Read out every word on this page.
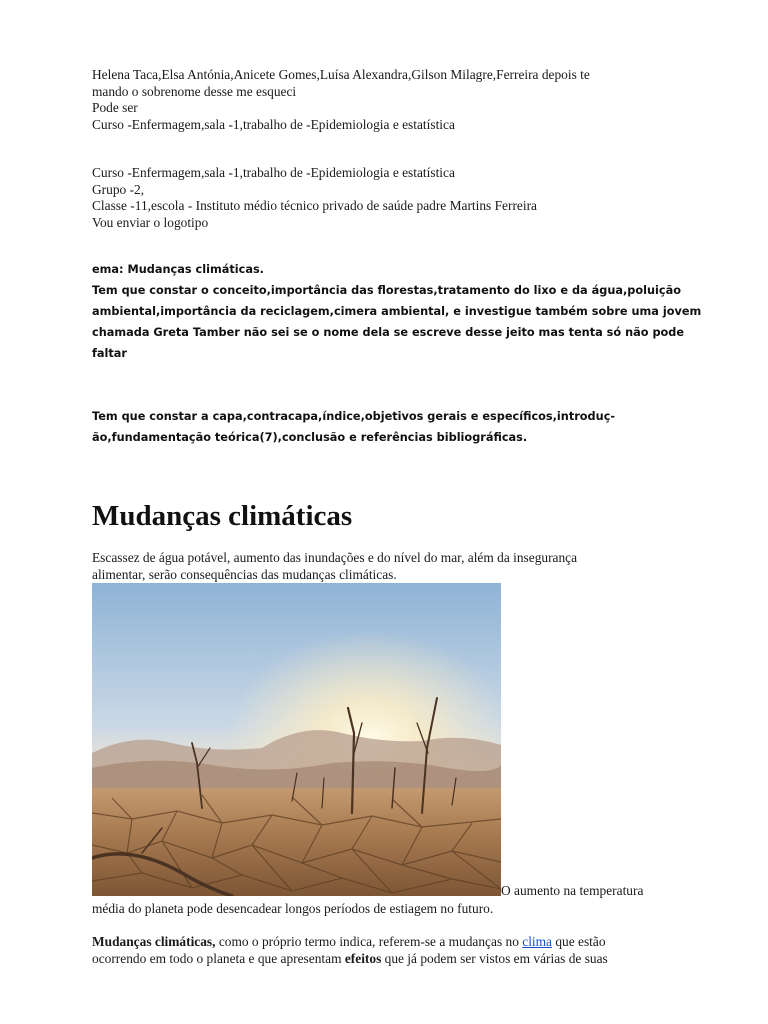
Helena Taca,Elsa Antónia,Anicete Gomes,Luísa Alexandra,Gilson Milagre,Ferreira depois te
mando o sobrenome desse me esqueci
Pode ser
Curso -Enfermagem,sala -1,trabalho de -Epidemiologia e estatística
Curso -Enfermagem,sala -1,trabalho de -Epidemiologia e estatística
Grupo -2,
Classe -11,escola - Instituto médio técnico privado de saúde padre Martins Ferreira
Vou enviar o logotipo
ema: Mudanças climáticas.
Tem que constar o conceito,importância das florestas,tratamento do lixo e da água,poluição
ambiental,importância da reciclagem,cimera ambiental, e investigue também sobre uma jovem
chamada Greta Tamber não sei se o nome dela se escreve desse jeito mas tenta só não pode
faltar
Tem que constar a capa,contracapa,índice,objetivos gerais e específicos,introduç-
ão,fundamentação teórica(7),conclusão e referências bibliográficas.
Mudanças climáticas
Escassez de água potável, aumento das inundações e do nível do mar, além da insegurança
alimentar, serão consequências das mudanças climáticas.
O aumento na temperatura
média do planeta pode desencadear longos períodos de estiagem no futuro.
Mudanças climáticas, como o próprio termo indica, referem-se a mudanças no clima que estão
ocorrendo em todo o planeta e que apresentam efeitos que já podem ser vistos em várias de suas
